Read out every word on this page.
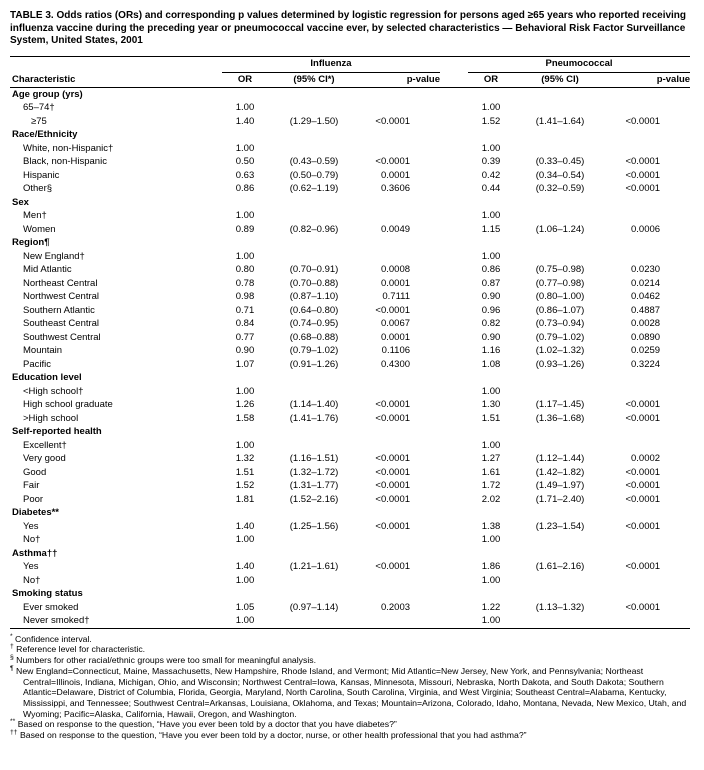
TABLE 3. Odds ratios (ORs) and corresponding p values determined by logistic regression for persons aged ≥65 years who reported receiving influenza vaccine during the preceding year or pneumococcal vaccine ever, by selected characteristics — Behavioral Risk Factor Surveillance System, United States, 2001
	Influenza				Pneumococcal		
Characteristic	OR	(95% CI*)	p-value		OR	(95% CI)	p-value
Age group (yrs)							
65–74†	1.00				1.00		
≥75	1.40	(1.29–1.50)	<0.0001		1.52	(1.41–1.64)	<0.0001
Race/Ethnicity							
White, non-Hispanic†	1.00				1.00		
Black, non-Hispanic	0.50	(0.43–0.59)	<0.0001		0.39	(0.33–0.45)	<0.0001
Hispanic	0.63	(0.50–0.79)	0.0001		0.42	(0.34–0.54)	<0.0001
Other§	0.86	(0.62–1.19)	0.3606		0.44	(0.32–0.59)	<0.0001
Sex							
Men†	1.00				1.00		
Women	0.89	(0.82–0.96)	0.0049		1.15	(1.06–1.24)	0.0006
Region¶							
New England†	1.00				1.00		
Mid Atlantic	0.80	(0.70–0.91)	0.0008		0.86	(0.75–0.98)	0.0230
Northeast Central	0.78	(0.70–0.88)	0.0001		0.87	(0.77–0.98)	0.0214
Northwest Central	0.98	(0.87–1.10)	0.7111		0.90	(0.80–1.00)	0.0462
Southern Atlantic	0.71	(0.64–0.80)	<0.0001		0.96	(0.86–1.07)	0.4887
Southeast Central	0.84	(0.74–0.95)	0.0067		0.82	(0.73–0.94)	0.0028
Southwest Central	0.77	(0.68–0.88)	0.0001		0.90	(0.79–1.02)	0.0890
Mountain	0.90	(0.79–1.02)	0.1106		1.16	(1.02–1.32)	0.0259
Pacific	1.07	(0.91–1.26)	0.4300		1.08	(0.93–1.26)	0.3224
Education level							
<High school†	1.00				1.00		
High school graduate	1.26	(1.14–1.40)	<0.0001		1.30	(1.17–1.45)	<0.0001
>High school	1.58	(1.41–1.76)	<0.0001		1.51	(1.36–1.68)	<0.0001
Self-reported health							
Excellent†	1.00				1.00		
Very good	1.32	(1.16–1.51)	<0.0001		1.27	(1.12–1.44)	0.0002
Good	1.51	(1.32–1.72)	<0.0001		1.61	(1.42–1.82)	<0.0001
Fair	1.52	(1.31–1.77)	<0.0001		1.72	(1.49–1.97)	<0.0001
Poor	1.81	(1.52–2.16)	<0.0001		2.02	(1.71–2.40)	<0.0001
Diabetes**							
Yes	1.40	(1.25–1.56)	<0.0001		1.38	(1.23–1.54)	<0.0001
No†	1.00				1.00		
Asthma††							
Yes	1.40	(1.21–1.61)	<0.0001		1.86	(1.61–2.16)	<0.0001
No†	1.00				1.00		
Smoking status							
Ever smoked	1.05	(0.97–1.14)	0.2003		1.22	(1.13–1.32)	<0.0001
Never smoked†	1.00				1.00		
* Confidence interval.
† Reference level for characteristic.
§ Numbers for other racial/ethnic groups were too small for meaningful analysis.
¶ New England=Connecticut, Maine, Massachusetts, New Hampshire, Rhode Island, and Vermont; Mid Atlantic=New Jersey, New York, and Pennsylvania; Northeast Central=Illinois, Indiana, Michigan, Ohio, and Wisconsin; Northwest Central=Iowa, Kansas, Minnesota, Missouri, Nebraska, North Dakota, and South Dakota; Southern Atlantic=Delaware, District of Columbia, Florida, Georgia, Maryland, North Carolina, South Carolina, Virginia, and West Virginia; Southeast Central=Alabama, Kentucky, Mississippi, and Tennessee; Southwest Central=Arkansas, Louisiana, Oklahoma, and Texas; Mountain=Arizona, Colorado, Idaho, Montana, Nevada, New Mexico, Utah, and Wyoming; Pacific=Alaska, California, Hawaii, Oregon, and Washington.
** Based on response to the question, “Have you ever been told by a doctor that you have diabetes?”
†† Based on response to the question, “Have you ever been told by a doctor, nurse, or other health professional that you had asthma?”
